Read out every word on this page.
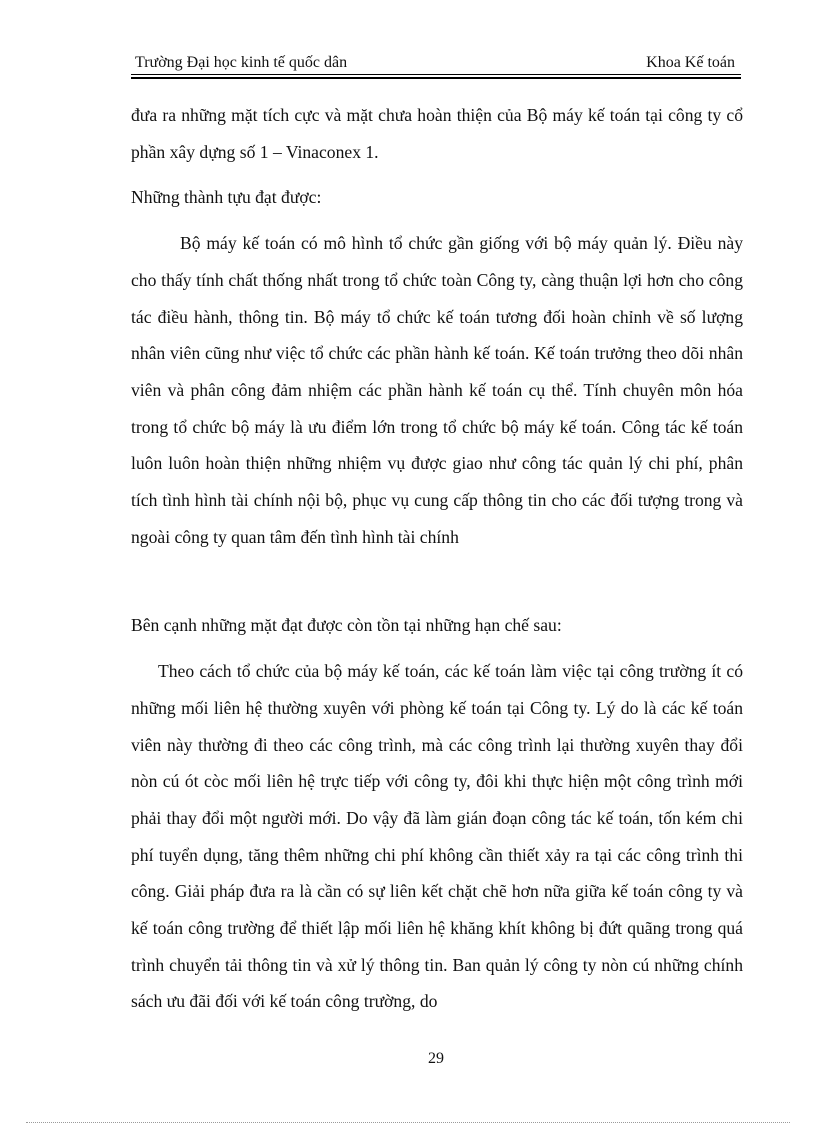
Trường Đại học kinh tế quốc dân	Khoa Kế toán

đưa ra những mặt tích cực và mặt chưa hoàn thiện của Bộ máy kế toán tại công ty cổ phần xây dựng số 1 – Vinaconex 1.

Những thành tựu đạt được:

Bộ máy kế toán có mô hình tổ chức gần giống với bộ máy quản lý. Điều này cho thấy tính chất thống nhất trong tổ chức toàn Công ty, càng thuận lợi hơn cho công tác điều hành, thông tin. Bộ máy tổ chức kế toán tương đối hoàn chỉnh về số lượng nhân viên cũng như việc tổ chức các phần hành kế toán. Kế toán trưởng theo dõi nhân viên và phân công đảm nhiệm các phần hành kế toán cụ thể. Tính chuyên môn hóa trong tổ chức bộ máy là ưu điểm lớn trong tổ chức bộ máy kế toán. Công tác kế toán luôn luôn hoàn thiện những nhiệm vụ được giao như công tác quản lý chi phí, phân tích tình hình tài chính nội bộ, phục vụ cung cấp thông tin cho các đối tượng trong và ngoài công ty quan tâm đến tình hình tài chính

Bên cạnh những mặt đạt được còn tồn tại những hạn chế sau:

Theo cách tổ chức của bộ máy kế toán, các kế toán làm việc tại công trường ít có những mối liên hệ thường xuyên với phòng kế toán tại Công ty. Lý do là các kế toán viên này thường đi theo các công trình, mà các công trình lại thường xuyên thay đổi nòn cú ót còc mối liên hệ trực tiếp với công ty, đôi khi thực hiện một công trình mới phải thay đổi một người mới. Do vậy đã làm gián đoạn công tác kế toán, tốn kém chi phí tuyển dụng, tăng thêm những chi phí không cần thiết xảy ra tại các công trình thi công. Giải pháp đưa ra là cần có sự liên kết chặt chẽ hơn nữa giữa kế toán công ty và kế toán công trường để thiết lập mối liên hệ khăng khít không bị đứt quãng trong quá trình chuyển tải thông tin và xử lý thông tin. Ban quản lý công ty nòn cú những chính sách ưu đãi đối với kế toán công trường, do

29
